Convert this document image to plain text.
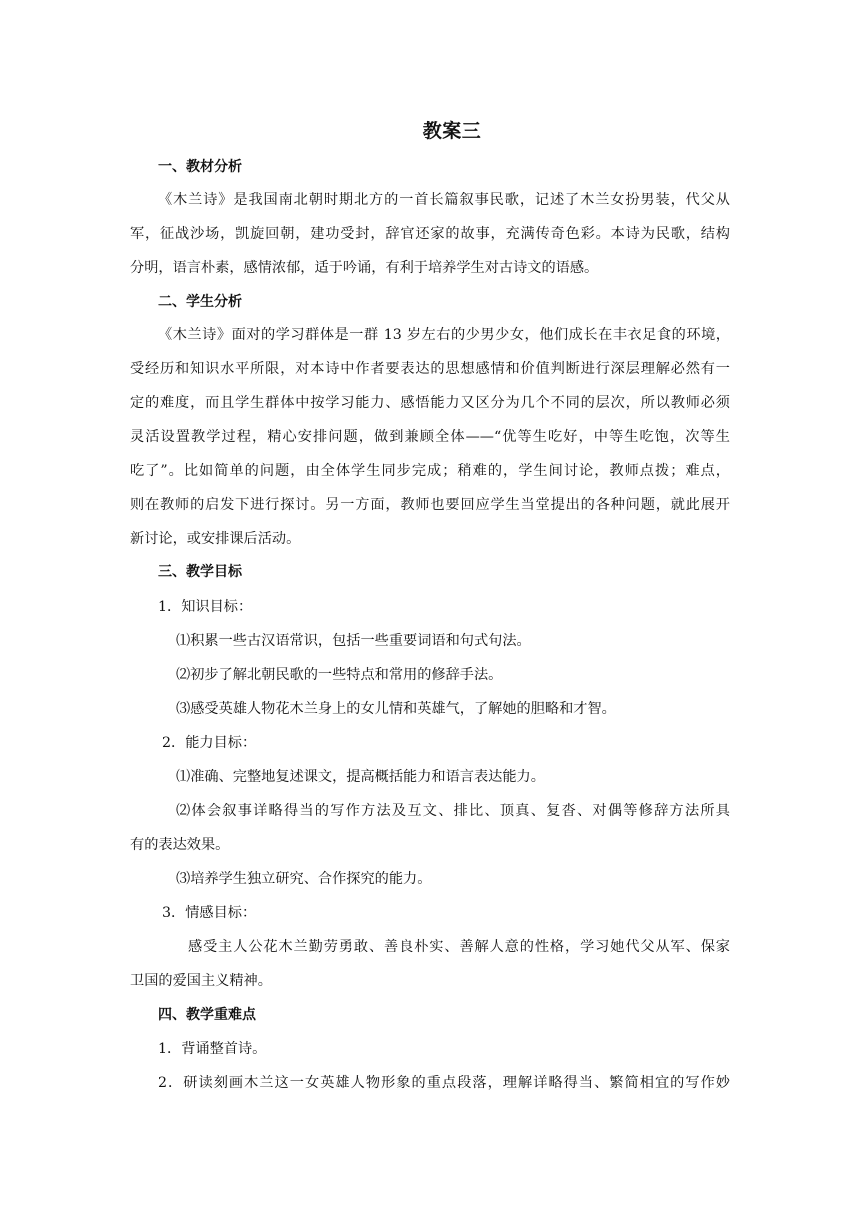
教案三
一、教材分析
《木兰诗》是我国南北朝时期北方的一首长篇叙事民歌，记述了木兰女扮男装，代父从
军，征战沙场，凯旋回朝，建功受封，辞官还家的故事，充满传奇色彩。本诗为民歌，结构
分明，语言朴素，感情浓郁，适于吟诵，有利于培养学生对古诗文的语感。
二、学生分析
《木兰诗》面对的学习群体是一群 13 岁左右的少男少女，他们成长在丰衣足食的环境，
受经历和知识水平所限，对本诗中作者要表达的思想感情和价值判断进行深层理解必然有一
定的难度，而且学生群体中按学习能力、感悟能力又区分为几个不同的层次，所以教师必须
灵活设置教学过程，精心安排问题，做到兼顾全体——“优等生吃好，中等生吃饱，次等生
吃了”。比如简单的问题，由全体学生同步完成；稍难的，学生间讨论，教师点拨；难点，
则在教师的启发下进行探讨。另一方面，教师也要回应学生当堂提出的各种问题，就此展开
新讨论，或安排课后活动。
三、教学目标
1．知识目标：
⑴积累一些古汉语常识，包括一些重要词语和句式句法。
⑵初步了解北朝民歌的一些特点和常用的修辞手法。
⑶感受英雄人物花木兰身上的女儿情和英雄气，了解她的胆略和才智。
2．能力目标：
⑴准确、完整地复述课文，提高概括能力和语言表达能力。
⑵体会叙事详略得当的写作方法及互文、排比、顶真、复沓、对偶等修辞方法所具
有的表达效果。
⑶培养学生独立研究、合作探究的能力。
3．情感目标：
感受主人公花木兰勤劳勇敢、善良朴实、善解人意的性格，学习她代父从军、保家
卫国的爱国主义精神。
四、教学重难点
1．背诵整首诗。
2．研读刻画木兰这一女英雄人物形象的重点段落，理解详略得当、繁简相宜的写作妙
